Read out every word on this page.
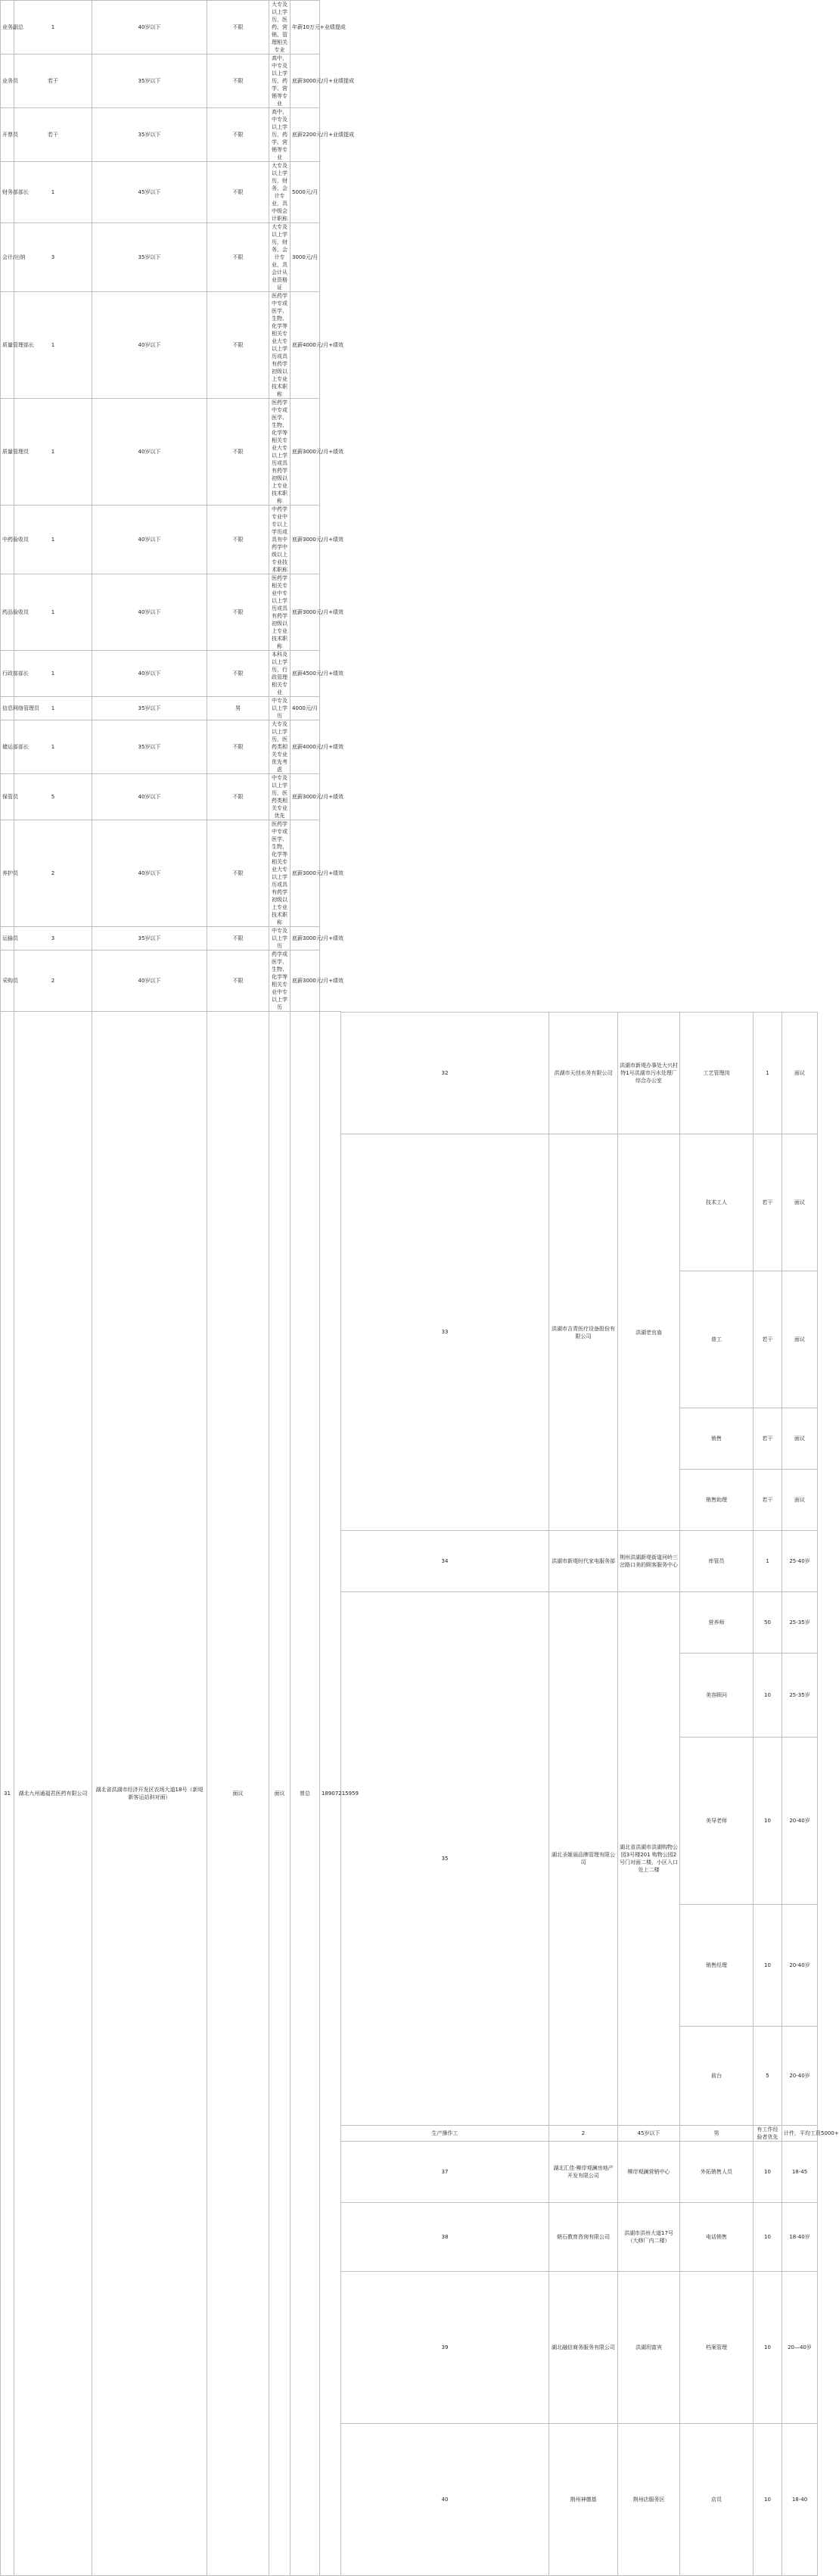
业务副总	1	40岁以下	不限	大专及以上学历，医药、营销、管理相关专业	年薪10万元+业绩提成								
业务员	若干	35岁以下	不限	高中，中专及以上学历，药学、营销等专业	底薪3000元/月+业绩提成								
开票员	若干	35岁以下	不限	高中，中专及以上学历，药学、营销等专业	底薪2200元/月+业绩提成								
财务部部长	1	45岁以下	不限	大专及以上学历，财务、会计专业，具中级会计职称	5000元/月								
会计/出纳	3	35岁以下	不限	大专及以上学历，财务、会计专业，具会计从业资格证	3000元/月								
质量管理部长	1	40岁以下	不限	医药学中专或医学、生物、化学等相关专业大专以上学历或具有药学初级以上专业技术职称	底薪4000元/月+绩效								
质量管理员	1	40岁以下	不限	医药学中专或医学、生物、化学等相关专业大专以上学历或具有药学初级以上专业技术职称	底薪3000元/月+绩效								
中药验收员	1	40岁以下	不限	中药学专业中专以上学历或具有中药学中级以上专业技术职称	底薪3000元/月+绩效								
药品验收员	1	40岁以下	不限	医药学相关专业中专以上学历或具有药学初级以上专业技术职称	底薪3000元/月+绩效								
行政部部长	1	40岁以下	不限	本科及以上学历，行政管理相关专业	底薪4500元/月+绩效								
信息网络管理员	1	35岁以下	男	中专及以上学历	4000元/月								
储运部部长	1	35岁以下	不限	大专及以上学历，医药类相关专业优先考虑	底薪4000元/月+绩效								
保管员	5	40岁以下	不限	中专及以上学历，医药类相关专业优先	底薪3000元/月+绩效								
养护员	2	40岁以下	不限	医药学中专或医学、生物、化学等相关专业大专以上学历或具有药学初级以上专业技术职称	底薪3000元/月+绩效								
运输员	3	35岁以下	不限	中专及以上学历	底薪3000元/月+绩效								
采购员	2	40岁以下	不限	药学或医学、生物、化学等相关专业中专以上学历	底薪3000元/月+绩效								
31	湖北九州通福君医药有限公司	湖北省洪湖市经济开发区农场大道18号（新堤新客运站斜对面）	面议	面议	曾总	18907215959							
							32	洪湖市天创水务有限公司	洪湖市新堤办事处大兴村特1号洪湖市污水处理厂 综合办公室	工艺管理岗	1	面议							
							33	洪湖市吉青医疗设备股份有限公司	洪湖老官庙	技术工人	若干	面议							
										普工	若干	面议			
										销售	若干	面议			
										销售助理	若干	面议			
							34	洪湖市新堤时代家电服务部	荆州洪湖新堤街道河岭三岔路口美的顾客服务中心	库管员	1	25-40岁							
							35	湖北圣姬丽品牌管理有限公司	湖北省洪湖市洪湖购物公园3号楼201 购物公园2号门对面二楼，小区入口处上二楼	营养师	50	25-35岁							
										美容顾问	10	25-35岁			
										美导老师	10	20-40岁			
										销售经理	10	20-40岁			
										前台	5	20-40岁			
							生产操作工	2	45岁以下	男	有工作经验者优先	计件，平均工资5000+	
							37	湖北汇佳·柳岸观澜房地产开发有限公司	柳岸观澜营销中心	外拓销售人员	10	18-45							
							38	朝石教育咨询有限公司	洪湖市洪州大道17号（大修厂内二楼）	电话销售	10	18-40岁							
							39	湖北融信商务服务有限公司	洪湖玥富宾	档案管理	10	20—40岁							
							40	荆州神德基	荆州店服务区	店员	10	18-40							
